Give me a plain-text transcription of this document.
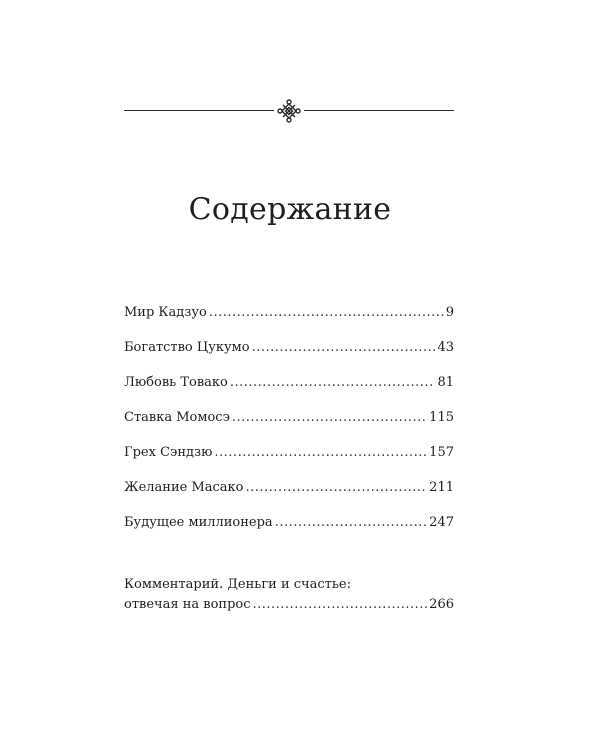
Содержание
Мир Кадзуо .....	9
Богатство Цукумо .....	43
Любовь Товако .....	81
Ставка Момосэ .....	115
Грех Сэндзю .....	157
Желание Масако .....	211
Будущее миллионера .....	247
Комментарий. Деньги и счастье:
отвечая на вопрос .....	266
